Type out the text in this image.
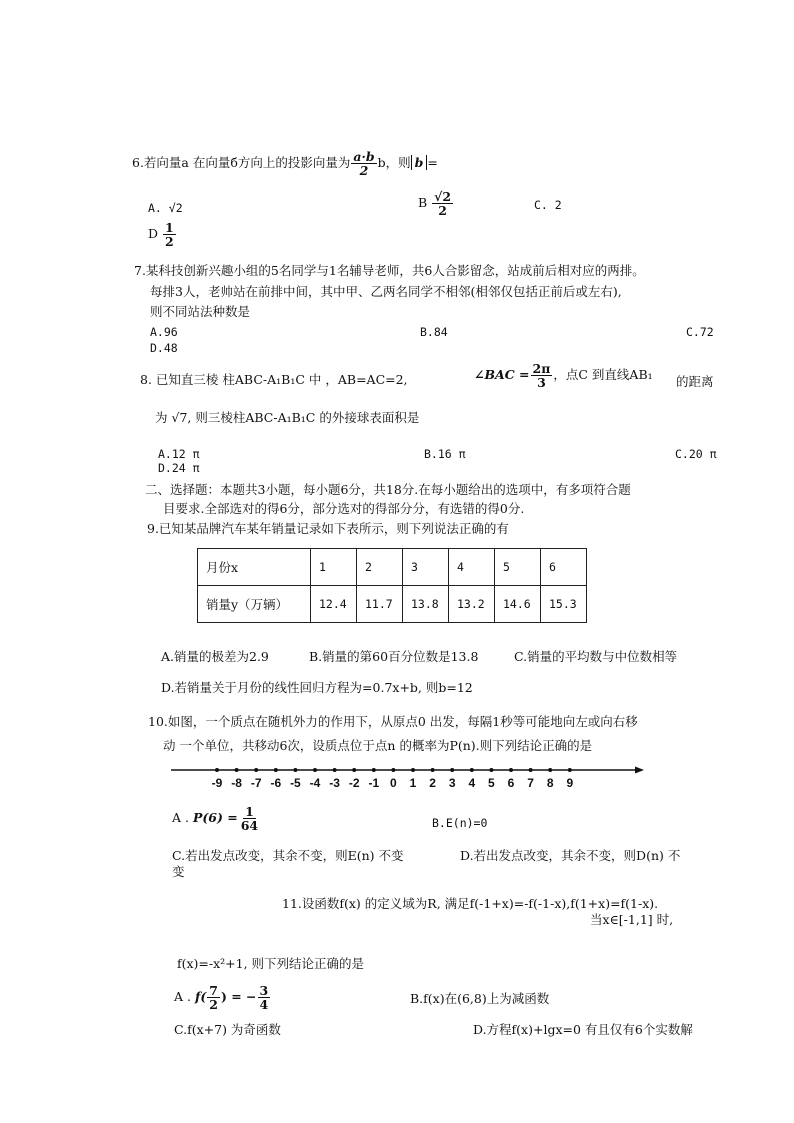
6.若向量a 在向量б方向上的投影向量为 $\frac{a\cdot b}{2}$ b，则 b =
A. √2	B $\frac{√2}{2}$	C. 2
D $\frac{1}{2}$
7.某科技创新兴趣小组的5名同学与1名辅导老师，共6人合影留念，站成前后相对应的两排。
每排3人，老帅站在前排中间，其中甲、乙两名同学不相邻(相邻仅包括正前后或左右),
则不同站法种数是
A.96	B.84	C.72
D.48
8. 已知直三棱 柱ABC-A₁B₁C 中 ，AB=AC=2,	∠BAC = $\frac{2\pi}{3}$ ，点C 到直线AB₁ 的距离
为 √7, 则三棱柱ABC-A₁B₁C 的外接球表面积是
A.12 π	B.16 π	C.20 π
D.24 π
二、选择题：本题共3小题，每小题6分，共18分.在每小题给出的选项中，有多项符合题
目要求.全部选对的得6分，部分选对的得部分分，有选错的得0分.
9.已知某品牌汽车某年销量记录如下表所示，则下列说法正确的有
月份x	1	2	3	4	5	6
销量y（万辆）	12.4	11.7	13.8	13.2	14.6	15.3
A.销量的极差为2.9	B.销量的第60百分位数是13.8	C.销量的平均数与中位数相等
D.若销量关于月份的线性回归方程为=0.7x+b, 则b=12
10.如图，一个质点在随机外力的作用下，从原点0 出发，每隔1秒等可能地向左或向右移
动 一个单位，共移动6次，设质点位于点n 的概率为P(n).则下列结论正确的是
-9 -8 -7 -6 -5 -4 -3 -2 -1 0 1 2 3 4 5 6 7 8 9
A . $P(6) = \frac{1}{64}$	B.E(n)=0
C.若出发点改变，其余不变，则E(n) 不变	D.若出发点改变，其余不变，则D(n) 不
变
11.设函数f(x) 的定义域为R, 满足f(-1+x)=-f(-1-x),f(1+x)=f(1-x).
当x∈[-1,1] 时,
f(x)=-x²+1, 则下列结论正确的是
A . $f( \frac{7}{2}$ ) = − $\frac{3}{4}$	B.f(x)在(6,8)上为减函数
C.f(x+7) 为奇函数	D.方程f(x)+lgx=0 有且仅有6个实数解
